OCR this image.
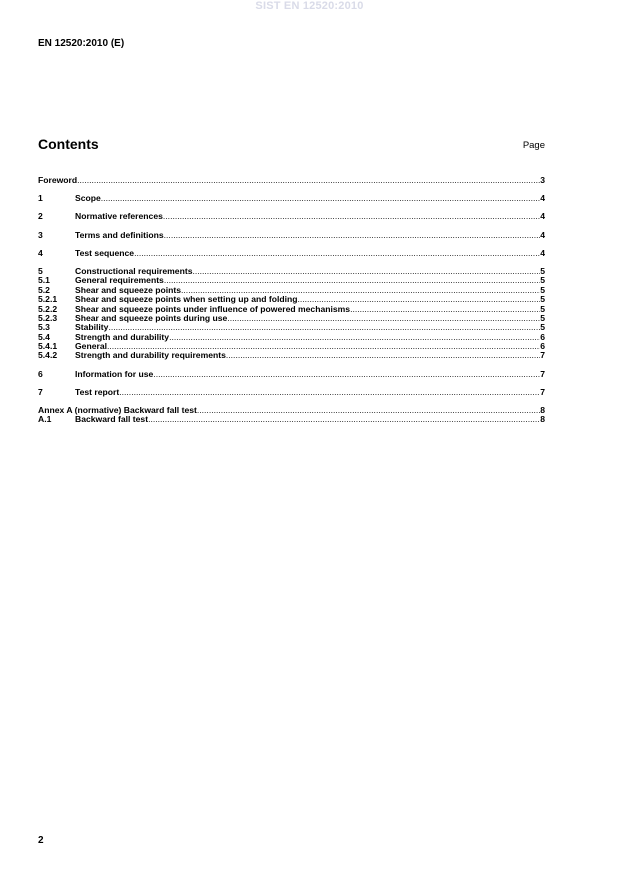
SIST EN 12520:2010
EN 12520:2010 (E)
Contents	Page
Foreword .....	3
1	Scope .....	4
2	Normative references .....	4
3	Terms and definitions .....	4
4	Test sequence .....	4
5	Constructional requirements .....	5
5.1	General requirements .....	5
5.2	Shear and squeeze points .....	5
5.2.1	Shear and squeeze points when setting up and folding .....	5
5.2.2	Shear and squeeze points under influence of powered mechanisms .....	5
5.2.3	Shear and squeeze points during use .....	5
5.3	Stability .....	5
5.4	Strength and durability .....	6
5.4.1	General .....	6
5.4.2	Strength and durability requirements .....	7
6	Information for use .....	7
7	Test report .....	7
Annex A (normative) Backward fall test .....	8
A.1	Backward fall test .....	8
2
